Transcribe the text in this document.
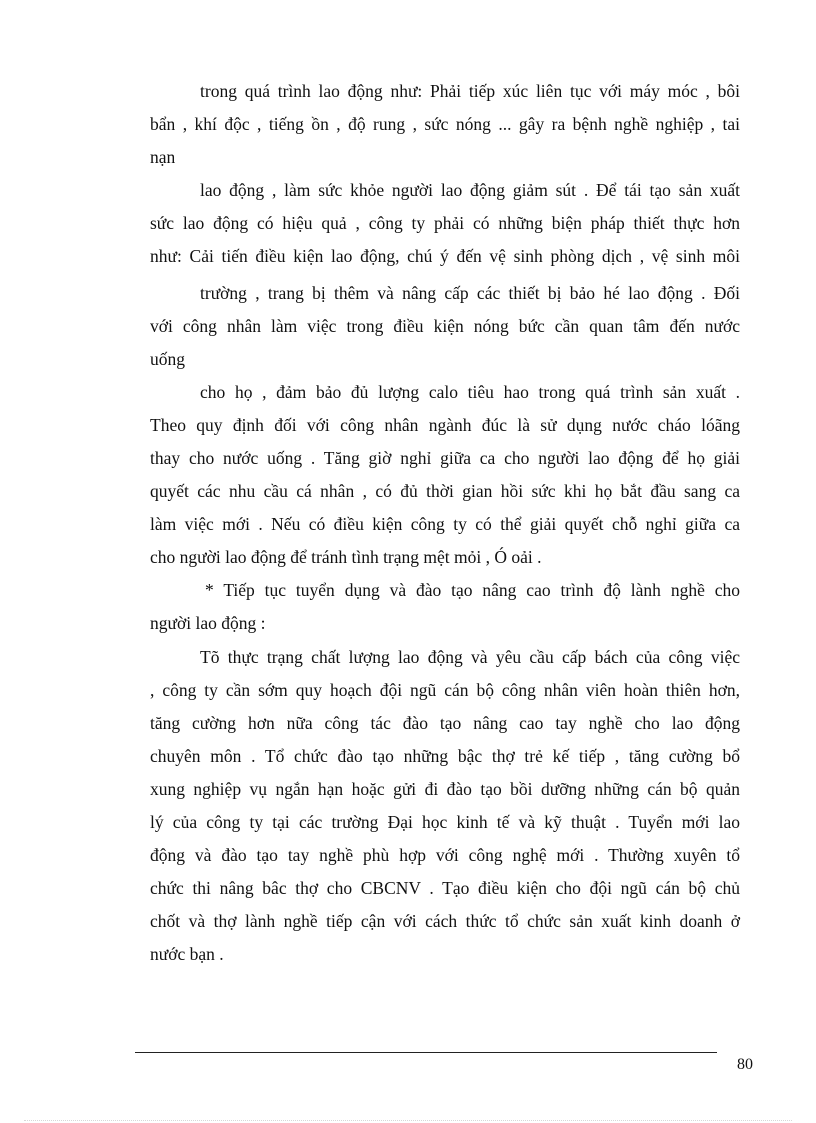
trong quá trình lao động như: Phải tiếp xúc liên tục với máy móc , bôi
bẩn , khí độc , tiếng ồn , độ rung , sức nóng ... gây ra bệnh nghề nghiệp , tai
nạn
lao động , làm sức khỏe người lao động giảm sút . Để tái tạo sản xuất
sức lao động có hiệu quả , công ty phải có những biện pháp thiết thực hơn
như: Cải tiến điều kiện lao động, chú ý đến vệ sinh phòng dịch , vệ sinh môi
trường , trang bị thêm và nâng cấp các thiết bị bảo hé lao động . Đối
với công nhân làm việc trong điều kiện nóng bức cần quan tâm đến nước
uống
cho họ , đảm bảo đủ lượng calo tiêu hao trong quá trình sản xuất .
Theo quy định đối với công nhân ngành đúc là sử dụng nước cháo lóãng
thay cho nước uống . Tăng giờ nghỉ giữa ca cho người lao động để họ giải
quyết các nhu cầu cá nhân , có đủ thời gian hồi sức khi họ bắt đầu sang ca
làm việc mới . Nếu có điều kiện công ty có thể giải quyết chỗ nghỉ giữa ca
cho người lao động để tránh tình trạng mệt mỏi , Ó oải .
* Tiếp tục tuyển dụng và đào tạo nâng cao trình độ lành nghề cho
người lao động :
Tõ thực trạng chất lượng lao động và yêu cầu cấp bách của công việc
, công ty cần sớm quy hoạch đội ngũ cán bộ công nhân viên hoàn thiên hơn,
tăng cường hơn nữa công tác đào tạo nâng cao tay nghề cho lao động
chuyên môn . Tổ chức đào tạo những bậc thợ trẻ kế tiếp , tăng cường bổ
xung nghiệp vụ ngắn hạn hoặc gửi đi đào tạo bồi dưỡng những cán bộ quản
lý của công ty tại các trường Đại học kinh tế và kỹ thuật . Tuyển mới lao
động và đào tạo tay nghề phù hợp với công nghệ mới . Thường xuyên tổ
chức thi nâng bâc thợ cho CBCNV . Tạo điều kiện cho đội ngũ cán bộ chủ
chốt và thợ lành nghề tiếp cận với cách thức tổ chức sản xuất kinh doanh ở
nước bạn .
80
